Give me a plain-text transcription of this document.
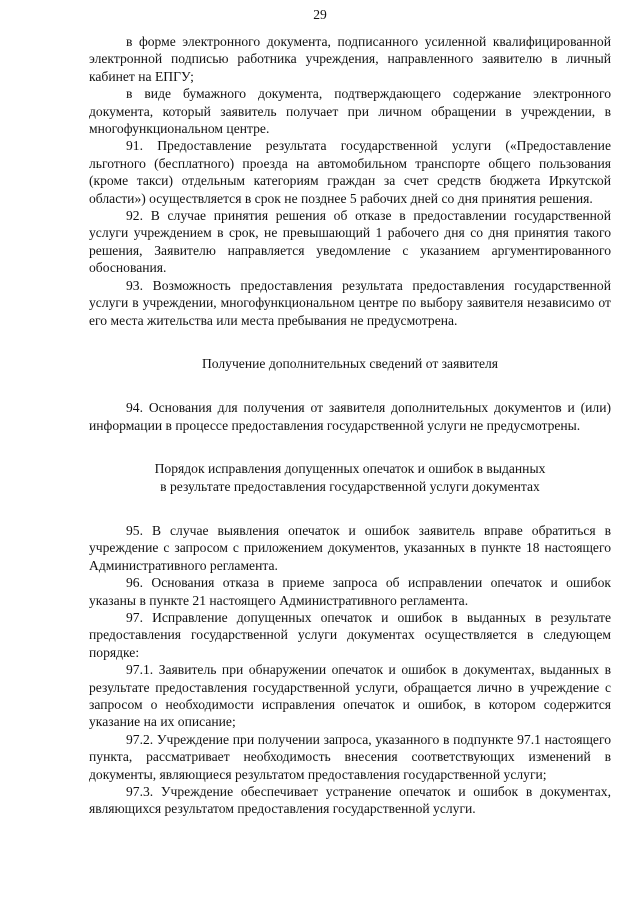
29

в форме электронного документа, подписанного усиленной квалифицированной электронной подписью работника учреждения, направленного заявителю в личный кабинет на ЕПГУ;

в виде бумажного документа, подтверждающего содержание электронного документа, который заявитель получает при личном обращении в учреждении, в многофункциональном центре.

91. Предоставление результата государственной услуги («Предоставление льготного (бесплатного) проезда на автомобильном транспорте общего пользования (кроме такси) отдельным категориям граждан за счет средств бюджета Иркутской области») осуществляется в срок не позднее 5 рабочих дней со дня принятия решения.

92. В случае принятия решения об отказе в предоставлении государственной услуги учреждением в срок, не превышающий 1 рабочего дня со дня принятия такого решения, Заявителю направляется уведомление с указанием аргументированного обоснования.

93. Возможность предоставления результата предоставления государственной услуги в учреждении, многофункциональном центре по выбору заявителя независимо от его места жительства или места пребывания не предусмотрена.

Получение дополнительных сведений от заявителя

94. Основания для получения от заявителя дополнительных документов и (или) информации в процессе предоставления государственной услуги не предусмотрены.

Порядок исправления допущенных опечаток и ошибок в выданных
в результате предоставления государственной услуги документах

95. В случае выявления опечаток и ошибок заявитель вправе обратиться в учреждение с запросом с приложением документов, указанных в пункте 18 настоящего Административного регламента.

96. Основания отказа в приеме запроса об исправлении опечаток и ошибок указаны в пункте 21 настоящего Административного регламента.

97. Исправление допущенных опечаток и ошибок в выданных в результате предоставления государственной услуги документах осуществляется в следующем порядке:

97.1. Заявитель при обнаружении опечаток и ошибок в документах, выданных в результате предоставления государственной услуги, обращается лично в учреждение с запросом о необходимости исправления опечаток и ошибок, в котором содержится указание на их описание;

97.2. Учреждение при получении запроса, указанного в подпункте 97.1 настоящего пункта, рассматривает необходимость внесения соответствующих изменений в документы, являющиеся результатом предоставления государственной услуги;

97.3. Учреждение обеспечивает устранение опечаток и ошибок в документах, являющихся результатом предоставления государственной услуги.
